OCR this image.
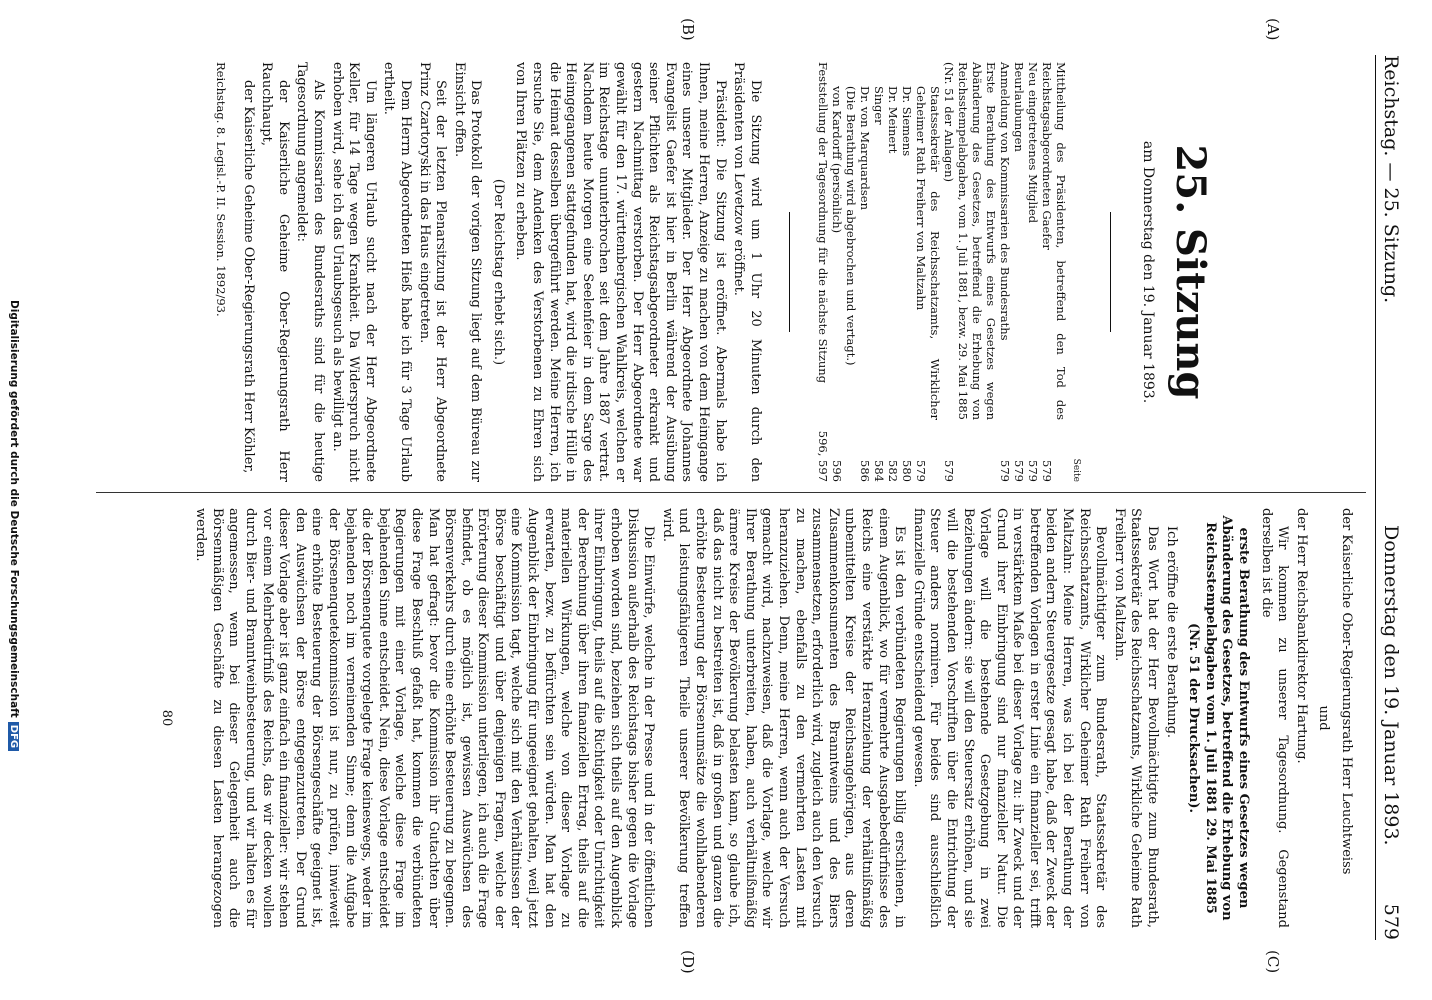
Reichstag. — 25. Sitzung.
Donnerstag den 19. Januar 1893.
579
(A)
(B)
(C)
(D)
25. Sitzung
am Donnerstag den 19. Januar 1893.
Seite
Mittheilung des Präsidenten, betreffend den Tod des Reichstagsabgeordneten Gaefer	579
Neu eingetretenes Mitglied	579
Beurlaubungen	579
Anmeldung von Kommissarien des Bundesraths	579
Erste Berathung des Entwurfs eines Gesetzes wegen Abänderung des Gesetzes, betreffend die Erhebung von Reichsstempelabgaben, vom 1. Juli 1881, bezw. 29. Mai 1885 (Nr. 51 der Anlagen)	579
Staatssekretär des Reichsschatzamts, Wirklicher Geheimer Rath Freiherr von Maltzahn	579
Dr. Siemens	580
Dr. Meinert	582
Singer	584
Dr. von Marquardsen	586
(Die Berathung wird abgebrochen und vertagt.)	
von Kardorff (persönlich)	596
Feststellung der Tagesordnung für die nächste Sitzung	596, 597
Die Sitzung wird um 1 Uhr 20 Minuten durch den Präsidenten von Levetzow eröffnet.
Präsident: Die Sitzung ist eröffnet. Abermals habe ich Ihnen, meine Herren, Anzeige zu machen von dem Heimgange eines unserer Mitglieder. Der Herr Abgeordnete Johannes Evangelist Gaefer ist hier in Berlin während der Ausübung seiner Pflichten als Reichstagsabgeordneter erkrankt und gestern Nachmittag verstorben. Der Herr Abgeordnete war gewählt für den 17. württembergischen Wahlkreis, welchen er im Reichstage ununterbrochen seit dem Jahre 1887 vertrat. Nachdem heute Morgen eine Seelenfeier in dem Sarge des Heimgegangenen stattgefunden hat, wird die irdische Hülle in die Heimat desselben übergeführt werden. Meine Herren, ich ersuche Sie, dem Andenken des Verstorbenen zu Ehren sich von Ihren Plätzen zu erheben.
(Der Reichstag erhebt sich.)
Das Protokoll der vorigen Sitzung liegt auf dem Büreau zur Einsicht offen.
Seit der letzten Plenarsitzung ist der Herr Abgeordnete Prinz Czartoryski in das Haus eingetreten.
Dem Herrn Abgeordneten Hieß habe ich für 3 Tage Urlaub ertheilt.
Um längeren Urlaub sucht nach der Herr Abgeordnete Keller, für 14 Tage wegen Krankheit. Da Widerspruch nicht erhoben wird, sehe ich das Urlaubsgesuch als bewilligt an.
Als Kommissarien des Bundesraths sind für die heutige Tagesordnung angemeldet:
der Kaiserliche Geheime Ober-Regierungsrath Herr Rauchhaupt,
der Kaiserliche Geheime Ober-Regierungsrath Herr Köhler,
Reichstag. 8. Legisl.-P. II. Session. 1892/93.
der Kaiserliche Ober-Regierungsrath Herr Leuchtweiss
und
der Herr Reichsbankdirektor Hartung.
Wir kommen zu unserer Tagesordnung. Gegenstand derselben ist die
erste Berathung des Entwurfs eines Gesetzes wegen Abänderung des Gesetzes, betreffend die Erhebung von Reichsstempelabgaben vom 1. Juli 1881 29. Mai 1885 (Nr. 51 der Drucksachen).
Ich eröffne die erste Berathung.
Das Wort hat der Herr Bevollmächtigte zum Bundesrath, Staatssekretär des Reichsschatzamts, Wirkliche Geheime Rath Freiherr von Maltzahn.
Bevollmächtigter zum Bundesrath, Staatssekretär des Reichsschatzamts, Wirklicher Geheimer Rath Freiherr von Maltzahn: Meine Herren, was ich bei der Berathung der beiden andern Steuergesetze gesagt habe, daß der Zweck der betreffenden Vorlagen in erster Linie ein finanzieller sei, trifft in verstärktem Maße bei dieser Vorlage zu: ihr Zweck und der Grund ihrer Einbringung sind nur finanzieller Natur. Die Vorlage will die bestehende Gesetzgebung in zwei Beziehungen ändern: sie will den Steuersatz erhöhen, und sie will die bestehenden Vorschriften über die Entrichtung der Steuer anders normiren. Für beides sind ausschließlich finanzielle Gründe entscheidend gewesen.
Es ist den verbündeten Regierungen billig erschienen, in einem Augenblick, wo für vermehrte Ausgabebedürfnisse des Reichs eine verstärkte Heranziehung der verhältnißmäßig unbemittelten Kreise der Reichsangehörigen, aus deren Zusammenkonsumenten des Branntweins und des Biers zusammensetzen, erforderlich wird, zugleich auch den Versuch zu machen, ebenfalls zu den vermehrten Lasten mit heranzuziehen. Denn, meine Herren, wenn auch der Versuch gemacht wird, nachzuweisen, daß die Vorlage, welche wir Ihrer Berathung unterbreiten, haben, auch verhältnißmäßig ärmere Kreise der Bevölkerung belasten kann, so glaube ich, daß das nicht zu bestreiten ist, daß in großen und ganzen die erhöhte Besteuerung der Börsenumsätze die wohlhabenderen und leistungsfähigeren Theile unserer Bevölkerung treffen wird.
Die Einwürfe, welche in der Presse und in der öffentlichen Diskussion außerhalb des Reichstags bisher gegen die Vorlage erhoben worden sind, beziehen sich theils auf den Augenblick ihrer Einbringung, theils auf die Richtigkeit oder Unrichtigkeit der Berechnung über ihren finanziellen Ertrag, theils auf die materiellen Wirkungen, welche von dieser Vorlage zu erwarten, bezw. zu befürchten sein würden. Man hat den Augenblick der Einbringung für ungeeignet gehalten, weil jetzt eine Kommission tagt, welche sich mit den Verhältnissen der Börse beschäftigt und über denjenigen Fragen, welche der Erörterung dieser Kommission unterliegen, ich auch die Frage befindet, ob es möglich ist, gewissen Auswüchsen des Börsenverkehrs durch eine erhöhte Besteuerung zu begegnen. Man hat gefragt: bevor die Kommission ihr Gutachten über diese Frage Beschluß gefaßt hat, kommen die verbündeten Regierungen mit einer Vorlage, welche diese Frage im bejahenden Sinne entscheidet. Nein, diese Vorlage entscheidet die der Börsenenquete vorgelegte Frage keineswegs, weder im bejahenden noch im verneinenden Sinne; denn die Aufgabe der Börsenenquetekommission ist nur, zu prüfen, inwieweit eine erhöhte Besteuerung der Börsengeschäfte geeignet ist, den Auswüchsen der Börse entgegenzutreten. Der Grund dieser Vorlage aber ist ganz einfach ein finanzieller: wir stehen vor einem Mehrbedürfniß des Reichs, das wir decken wollen durch Bier- und Branntweinbesteuerung, und wir halten es für angemessen, wenn bei dieser Gelegenheit auch die Börsenmäßigen Geschäfte zu diesen Lasten herangezogen werden.
80
Digitalisierung gefördert durch die Deutsche ForschungsgemeinschaftDFG
